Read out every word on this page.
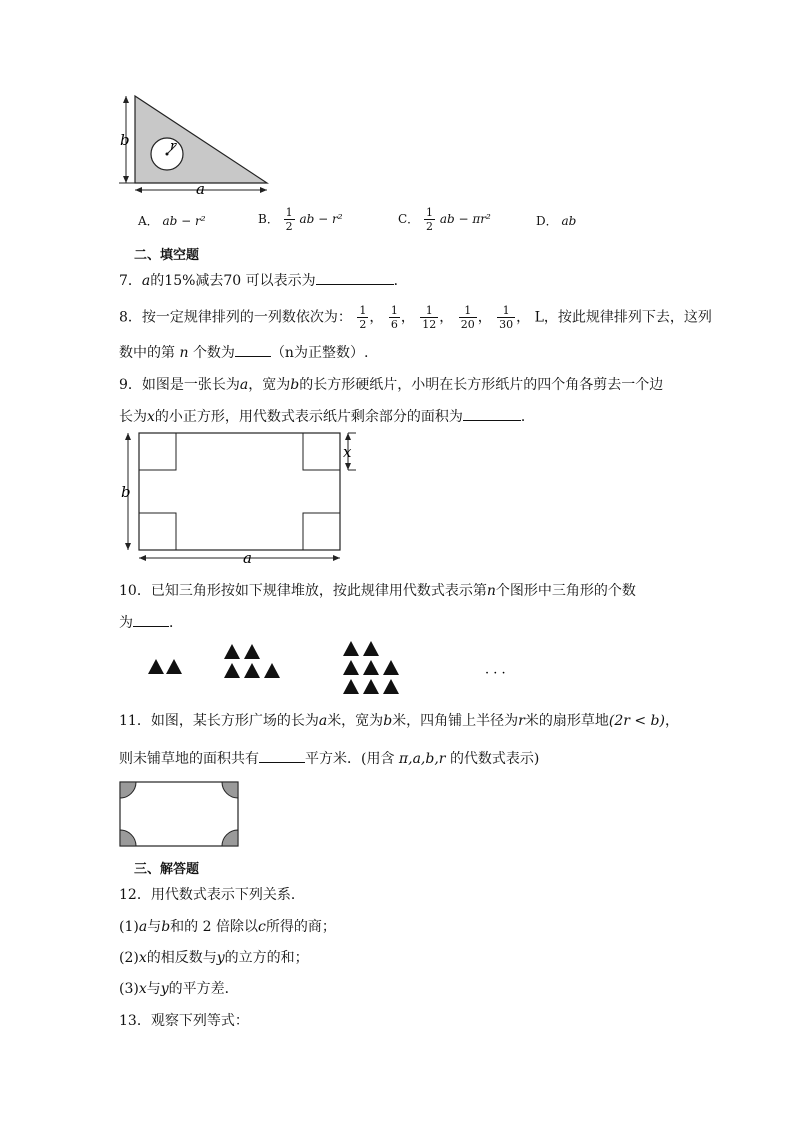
b
a
r
A． ab − r²	B． $\frac{1}{2}$ ab − r²	C． $\frac{1}{2}$ ab − πr²	D． ab
二、填空题
7．a的15%减去70 可以表示为	．
8．按一定规律排列的一列数依次为： $\frac{1}{2}$ ， $\frac{1}{6}$ ， $\frac{1}{12}$ ， $\frac{1}{20}$ ， $\frac{1}{30}$ ， L，按此规律排列下去，这列
数中的第 n 个数为	（n为正整数）.
9．如图是一张长为a，宽为b的长方形硬纸片，小明在长方形纸片的四个角各剪去一个边
长为x的小正方形，用代数式表示纸片剩余部分的面积为	．
b
a
x
10．已知三角形按如下规律堆放，按此规律用代数式表示第n个图形中三角形的个数
为	．
· · ·
11．如图，某长方形广场的长为a米，宽为b米，四角铺上半径为r米的扇形草地(2r < b)，
则未铺草地的面积共有	平方米．(用含 π,a,b,r 的代数式表示)
三、解答题
12．用代数式表示下列关系．
(1)a与b和的 2 倍除以c所得的商；
(2)x的相反数与y的立方的和；
(3)x与y的平方差．
13．观察下列等式：
